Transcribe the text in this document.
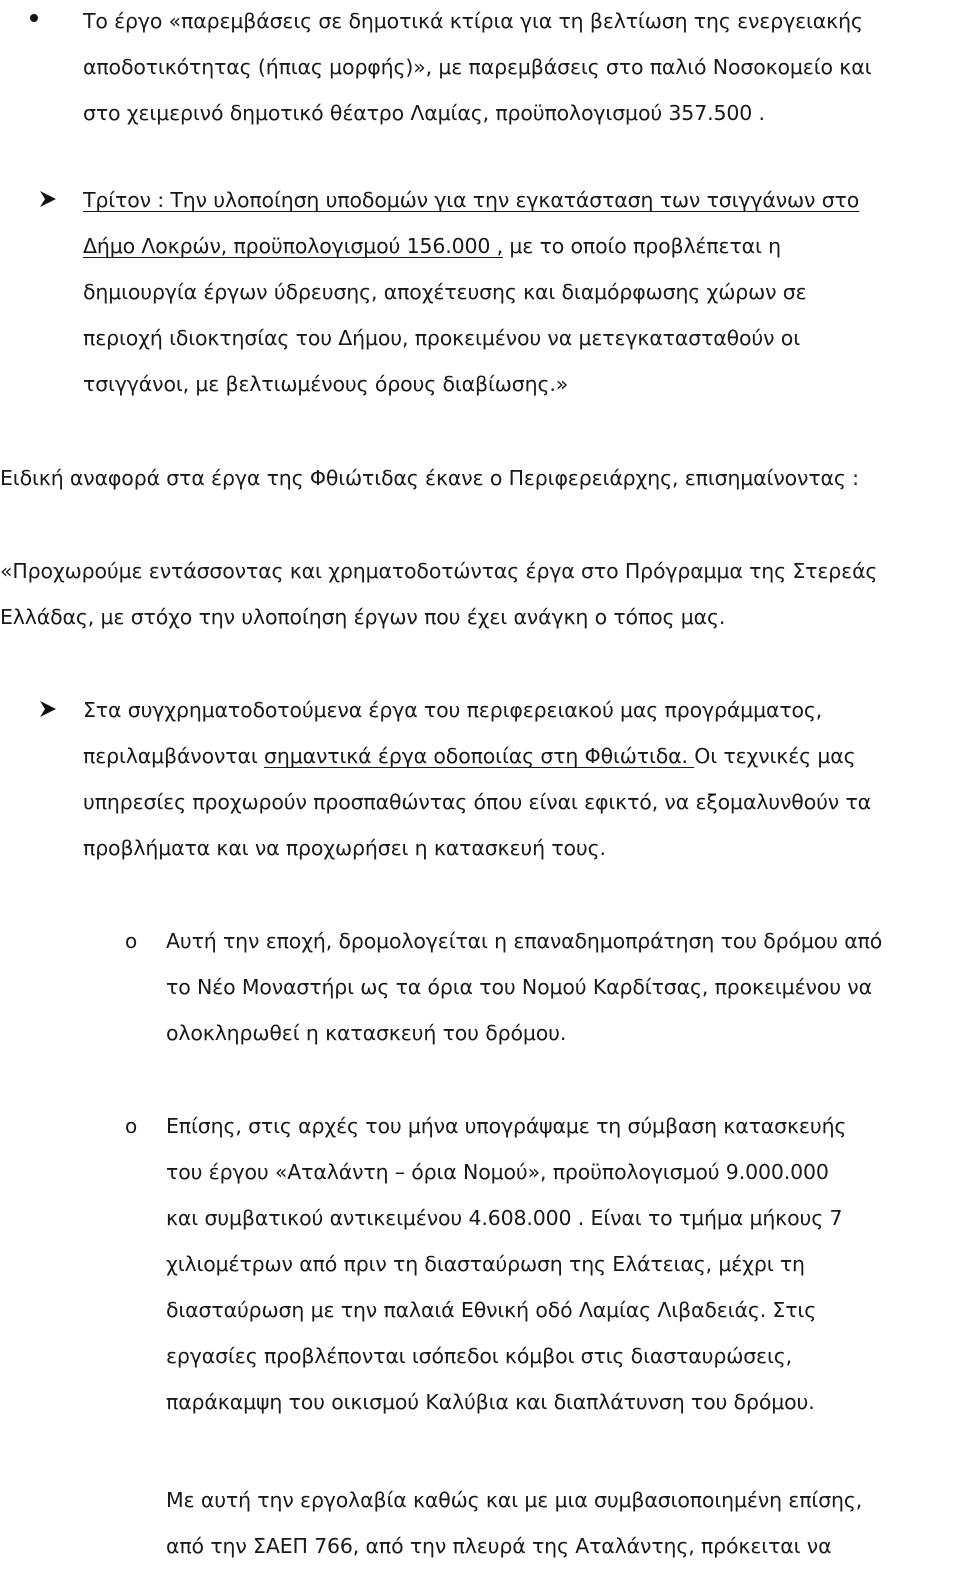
Το έργο «παρεμβάσεις σε δημοτικά κτίρια για τη βελτίωση της ενεργειακής
αποδοτικότητας (ήπιας μορφής)», με παρεμβάσεις στο παλιό Νοσοκομείο και
στο χειμερινό δημοτικό θέατρο Λαμίας, προϋπολογισμού 357.500 .
Τρίτον : Την υλοποίηση υποδομών για την εγκατάσταση των τσιγγάνων στο
Δήμο Λοκρών, προϋπολογισμού 156.000 , με το οποίο προβλέπεται η
δημιουργία έργων ύδρευσης, αποχέτευσης και διαμόρφωσης χώρων σε
περιοχή ιδιοκτησίας του Δήμου, προκειμένου να μετεγκατασταθούν οι
τσιγγάνοι, με βελτιωμένους όρους διαβίωσης.»
Ειδική αναφορά στα έργα της Φθιώτιδας έκανε ο Περιφερειάρχης, επισημαίνοντας :
«Προχωρούμε εντάσσοντας και χρηματοδοτώντας έργα στο Πρόγραμμα της Στερεάς
Ελλάδας, με στόχο την υλοποίηση έργων που έχει ανάγκη ο τόπος μας.
Στα συγχρηματοδοτούμενα έργα του περιφερειακού μας προγράμματος,
περιλαμβάνονται σημαντικά έργα οδοποιίας στη Φθιώτιδα. Οι τεχνικές μας
υπηρεσίες προχωρούν προσπαθώντας όπου είναι εφικτό, να εξομαλυνθούν τα
προβλήματα και να προχωρήσει η κατασκευή τους.
o Αυτή την εποχή, δρομολογείται η επαναδημοπράτηση του δρόμου από
το Νέο Μοναστήρι ως τα όρια του Νομού Καρδίτσας, προκειμένου να
ολοκληρωθεί η κατασκευή του δρόμου.
o Επίσης, στις αρχές του μήνα υπογράψαμε τη σύμβαση κατασκευής
του έργου «Αταλάντη – όρια Νομού», προϋπολογισμού 9.000.000
και συμβατικού αντικειμένου 4.608.000 . Είναι το τμήμα μήκους 7
χιλιομέτρων από πριν τη διασταύρωση της Ελάτειας, μέχρι τη
διασταύρωση με την παλαιά Εθνική οδό Λαμίας Λιβαδειάς. Στις
εργασίες προβλέπονται ισόπεδοι κόμβοι στις διασταυρώσεις,
παράκαμψη του οικισμού Καλύβια και διαπλάτυνση του δρόμου.
Με αυτή την εργολαβία καθώς και με μια συμβασιοποιημένη επίσης,
από την ΣΑΕΠ 766, από την πλευρά της Αταλάντης, πρόκειται να
